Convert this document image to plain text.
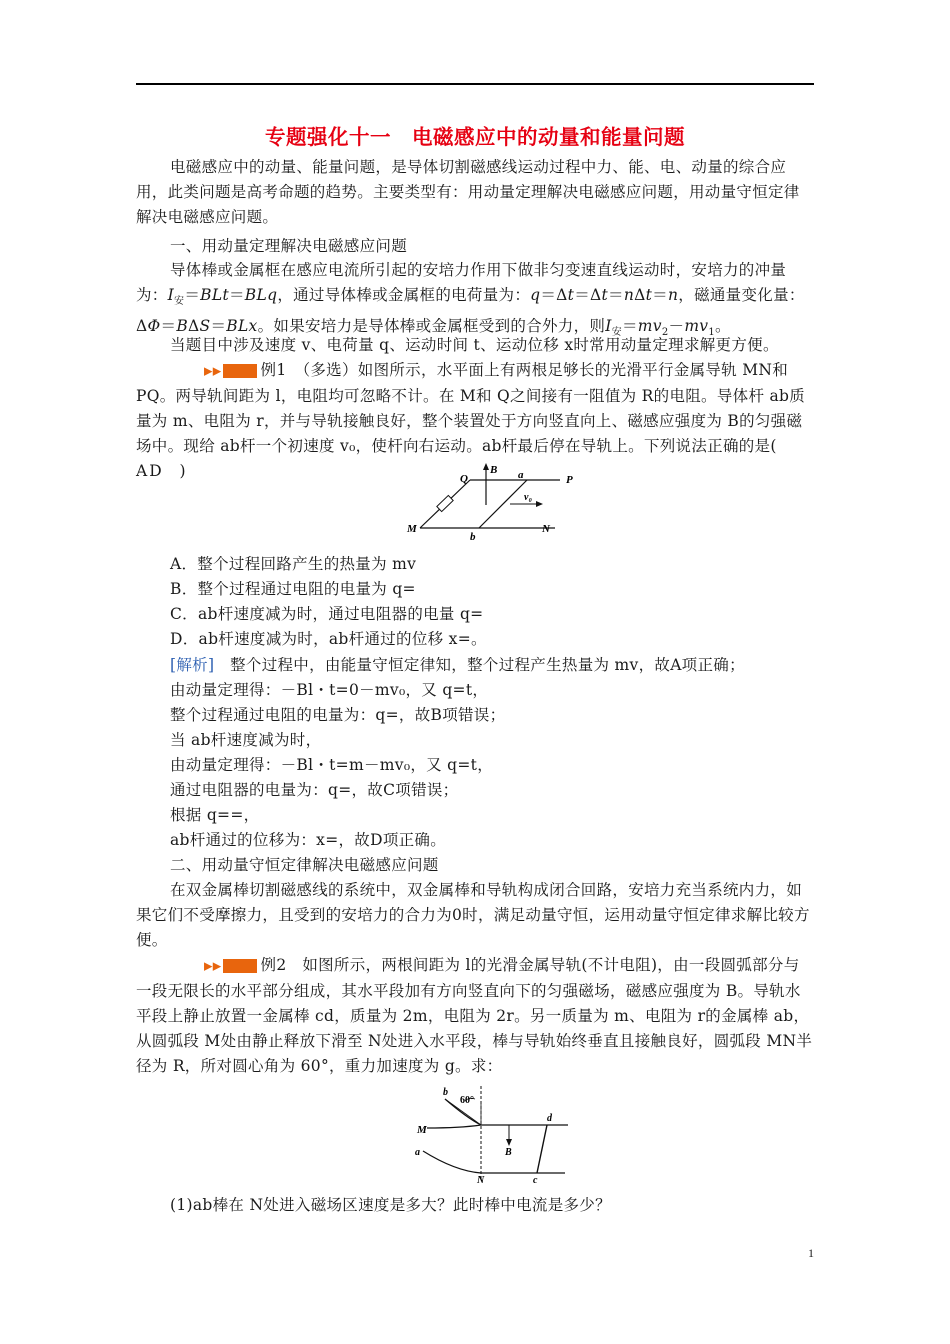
专题强化十一　电磁感应中的动量和能量问题
电磁感应中的动量、能量问题，是导体切割磁感线运动过程中力、能、电、动量的综合应用，此类问题是高考命题的趋势。主要类型有：用动量定理解决电磁感应问题，用动量守恒定律解决电磁感应问题。
一、用动量定理解决电磁感应问题
导体棒或金属框在感应电流所引起的安培力作用下做非匀变速直线运动时，安培力的冲量为：$I_安=BLt=BLq$，通过导体棒或金属框的电荷量为：q＝Δt＝Δt＝nΔt＝n，磁通量变化量：ΔΦ＝BΔS＝BLx。如果安培力是导体棒或金属框受到的合外力，则$I_安=mv_2-mv_1$。
当题目中涉及速度 v、电荷量 q、运动时间 t、运动位移 x时常用动量定理求解更方便。
▶▶	例1　 （多选）如图所示，水平面上有两根足够长的光滑平行金属导轨 MN和 PQ。两导轨间距为 l，电阻均可忽略不计。在 M和 Q之间接有一阻值为 R的电阻。导体杆 ab质量为 m、电阻为 r，并与导轨接触良好，整个装置处于方向竖直向上、磁感应强度为 B的匀强磁场中。现给 ab杆一个初速度 v₀，使杆向右运动。ab杆最后停在导轨上。下列说法正确的是(　AD　 )	B
Q	a	P
v₀
M
b
N
A．整个过程回路产生的热量为 mv
B．整个过程通过电阻的电量为 q=
C．ab杆速度减为时，通过电阻器的电量 q=
D．ab杆速度减为时，ab杆通过的位移 x=。
[解析]　 整个过程中，由能量守恒定律知，整个过程产生热量为 mv，故A项正确；
由动量定理得：－Bl・t=0－mv₀，又 q=t，
整个过程通过电阻的电量为：q=，故B项错误；
当 ab杆速度减为时，
由动量定理得：－Bl・t=m－mv₀，又 q=t，
通过电阻器的电量为：q=，故C项错误；
根据 q==，
ab杆通过的位移为：x=，故D项正确。
二、用动量守恒定律解决电磁感应问题
在双金属棒切割磁感线的系统中，双金属棒和导轨构成闭合回路，安培力充当系统内力，如果它们不受摩擦力，且受到的安培力的合力为0时，满足动量守恒，运用动量守恒定律求解比较方便。
▶▶	例2　 如图所示，两根间距为 l的光滑金属导轨(不计电阻)，由一段圆弧部分与一段无限长的水平部分组成，其水平段加有方向竖直向下的匀强磁场，磁感应强度为 B。导轨水平段上静止放置一金属棒 cd，质量为 2m，电阻为 2r。另一质量为 m、电阻为 r的金属棒 ab，从圆弧段 M处由静止释放下滑至 N处进入水平段，棒与导轨始终垂直且接触良好，圆弧段 MN半径为 R，所对圆心角为 60°，重力加速度为 g。求：
b
60°
M
a
d
B
N	c
(1)ab棒在 N处进入磁场区速度是多大？此时棒中电流是多少？
1
